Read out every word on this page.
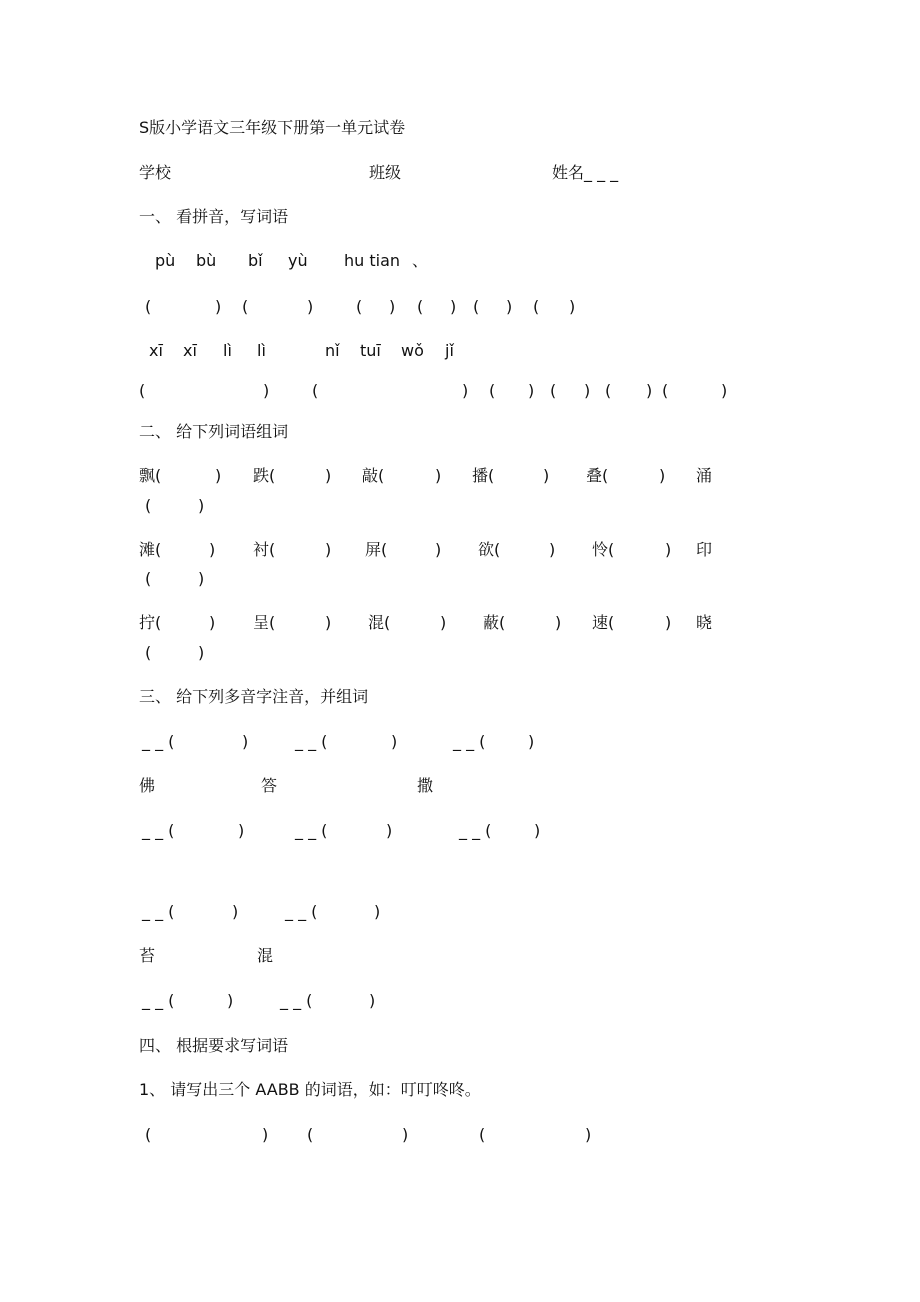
S版小学语文三年级下册第一单元试卷
学校	班级	姓名_ _ _
一、 看拼音，写词语
pù bù bǐ yù hu tian 、
(	) (	)	( ) ( ) ( ) ( )
xī xī lì lì	nǐ tuī wǒ jǐ
(	)	(	) ( ) ( ) ( ) (	)
二、 给下列词语组词
飘(	) 跌(	) 敲(	) 播(	) 叠(	) 涌
(	)
滩(	) 衬(	) 屏(	) 欲(	) 怜(	) 印
(	)
拧(	) 呈(	) 混(	) 蔽(	) 速(	) 晓
(	)
三、 给下列多音字注音，并组词
_ _ (	)	_ _ (	)	_ _ (	)
佛	答	撒
_ _ (	)	_ _ (	)	_ _ (	)
_ _ (	)	_ _ (	)
苔	混
_ _ (	)	_ _ (	)
四、 根据要求写词语
1、 请写出三个 AABB 的词语，如：叮叮咚咚。
(	) (	)	(	)
